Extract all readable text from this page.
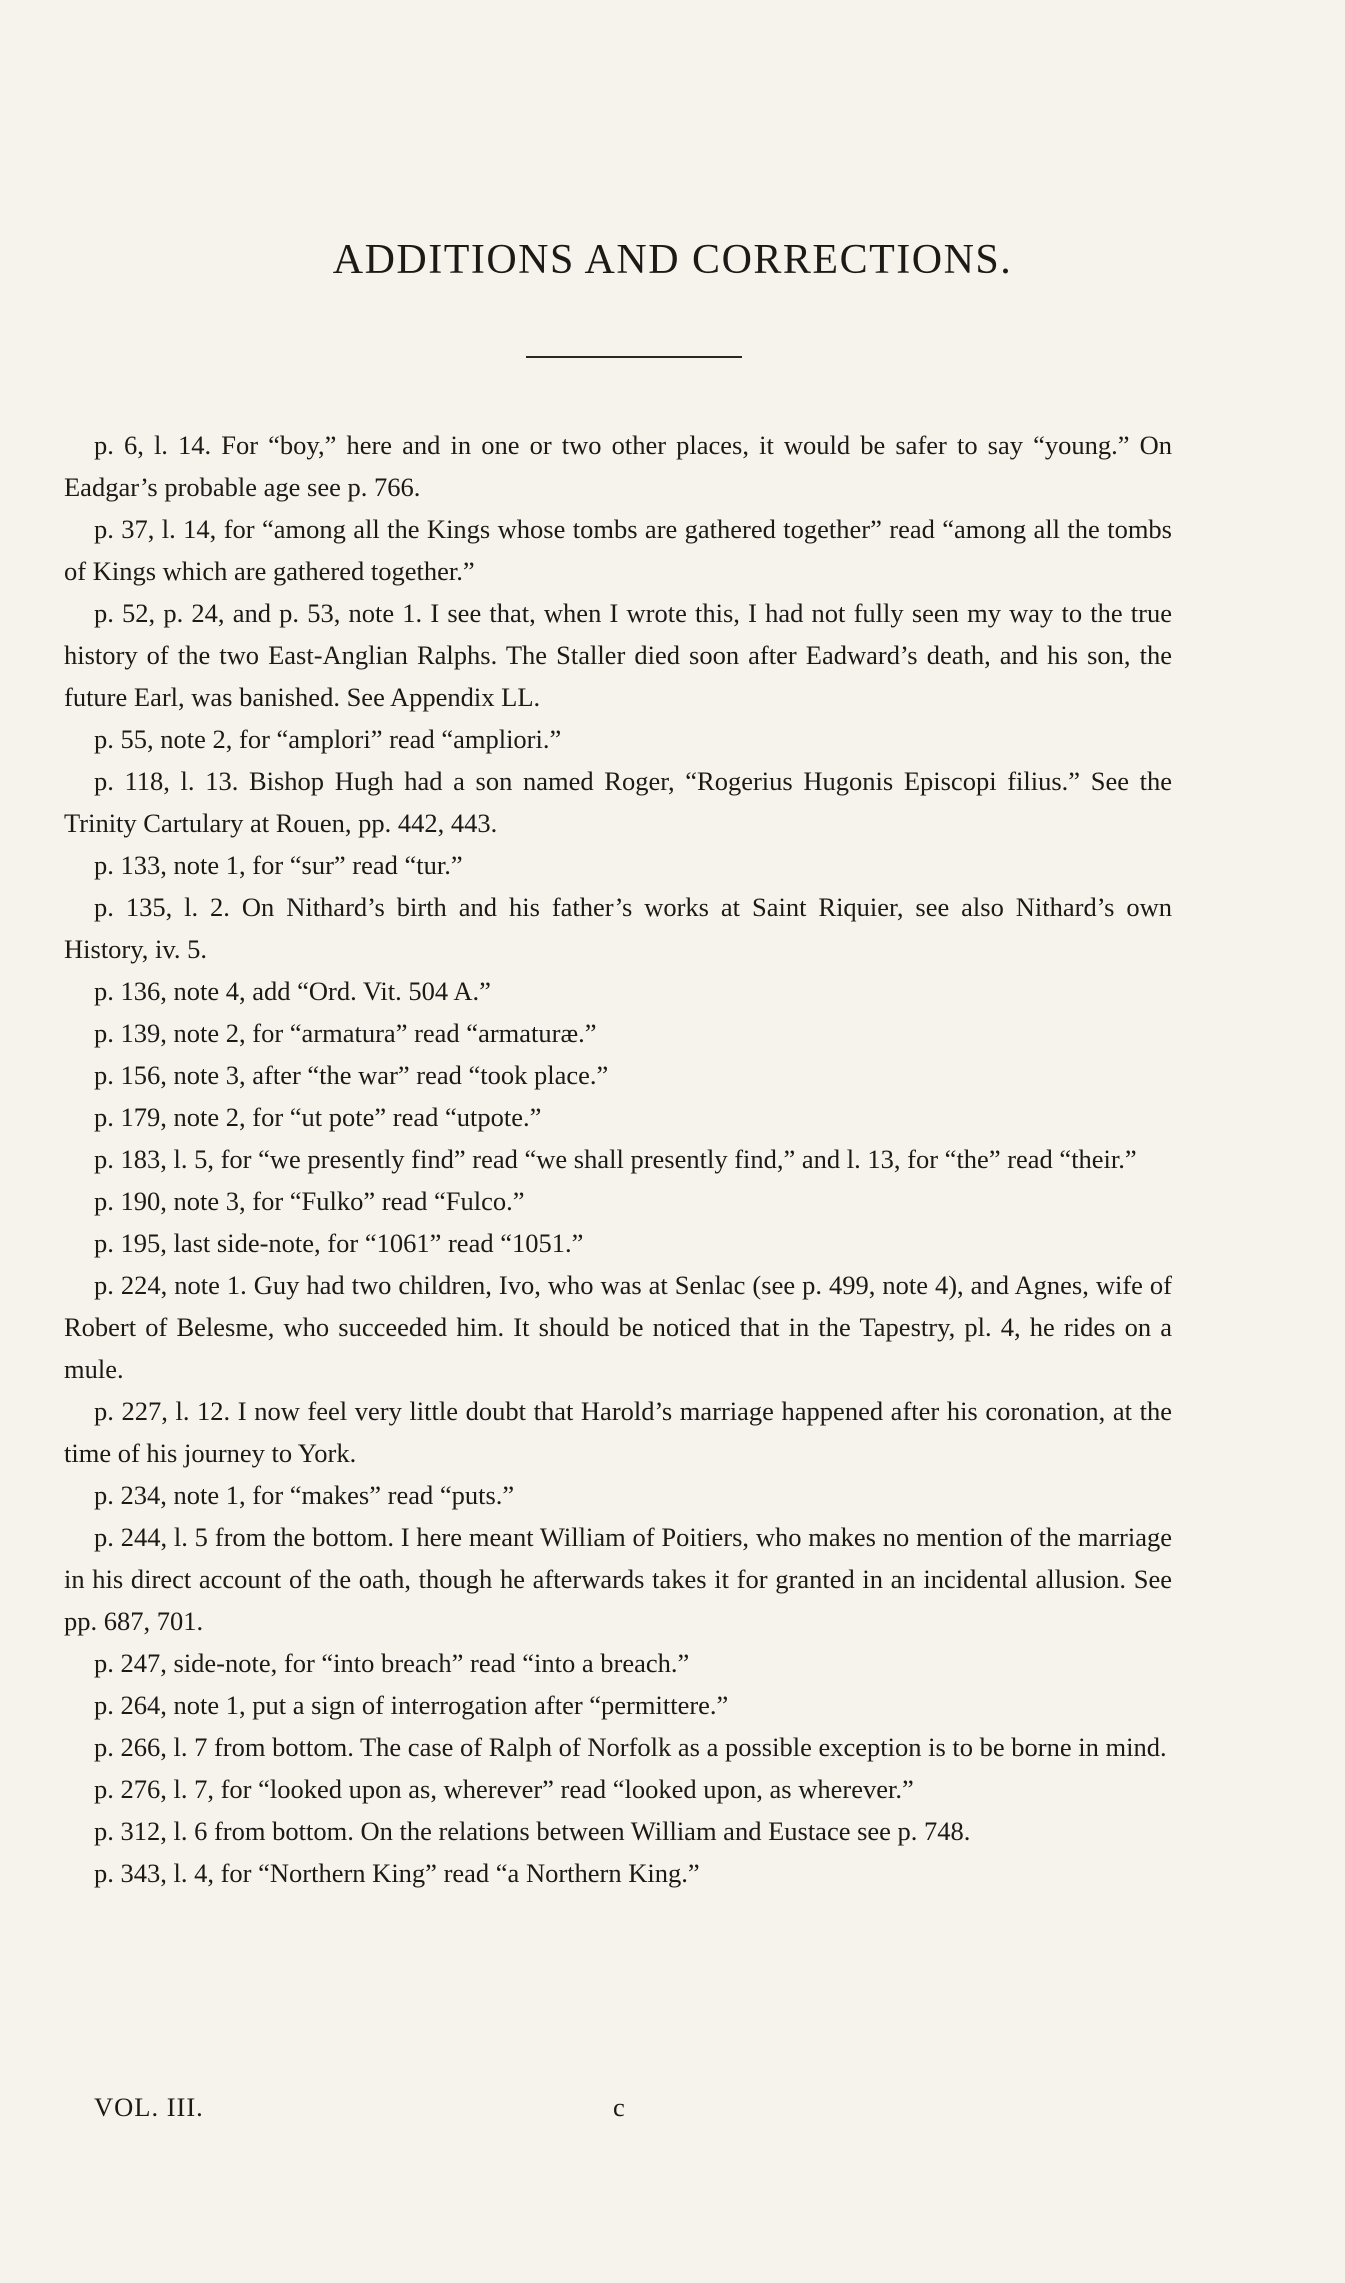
ADDITIONS AND CORRECTIONS.

p. 6, l. 14. For “boy,” here and in one or two other places, it would be safer to say “young.” On Eadgar’s probable age see p. 766.

p. 37, l. 14, for “among all the Kings whose tombs are gathered together” read “among all the tombs of Kings which are gathered together.”

p. 52, p. 24, and p. 53, note 1. I see that, when I wrote this, I had not fully seen my way to the true history of the two East-Anglian Ralphs. The Staller died soon after Eadward’s death, and his son, the future Earl, was banished. See Appendix LL.

p. 55, note 2, for “amplori” read “ampliori.”

p. 118, l. 13. Bishop Hugh had a son named Roger, “Rogerius Hugonis Episcopi filius.” See the Trinity Cartulary at Rouen, pp. 442, 443.

p. 133, note 1, for “sur” read “tur.”

p. 135, l. 2. On Nithard’s birth and his father’s works at Saint Riquier, see also Nithard’s own History, iv. 5.

p. 136, note 4, add “Ord. Vit. 504 A.”

p. 139, note 2, for “armatura” read “armaturæ.”

p. 156, note 3, after “the war” read “took place.”

p. 179, note 2, for “ut pote” read “utpote.”

p. 183, l. 5, for “we presently find” read “we shall presently find,” and l. 13, for “the” read “their.”

p. 190, note 3, for “Fulko” read “Fulco.”

p. 195, last side-note, for “1061” read “1051.”

p. 224, note 1. Guy had two children, Ivo, who was at Senlac (see p. 499, note 4), and Agnes, wife of Robert of Belesme, who succeeded him. It should be noticed that in the Tapestry, pl. 4, he rides on a mule.

p. 227, l. 12. I now feel very little doubt that Harold’s marriage happened after his coronation, at the time of his journey to York.

p. 234, note 1, for “makes” read “puts.”

p. 244, l. 5 from the bottom. I here meant William of Poitiers, who makes no mention of the marriage in his direct account of the oath, though he afterwards takes it for granted in an incidental allusion. See pp. 687, 701.

p. 247, side-note, for “into breach” read “into a breach.”

p. 264, note 1, put a sign of interrogation after “permittere.”

p. 266, l. 7 from bottom. The case of Ralph of Norfolk as a possible exception is to be borne in mind.

p. 276, l. 7, for “looked upon as, wherever” read “looked upon, as wherever.”

p. 312, l. 6 from bottom. On the relations between William and Eustace see p. 748.

p. 343, l. 4, for “Northern King” read “a Northern King.”

VOL. III.	c
